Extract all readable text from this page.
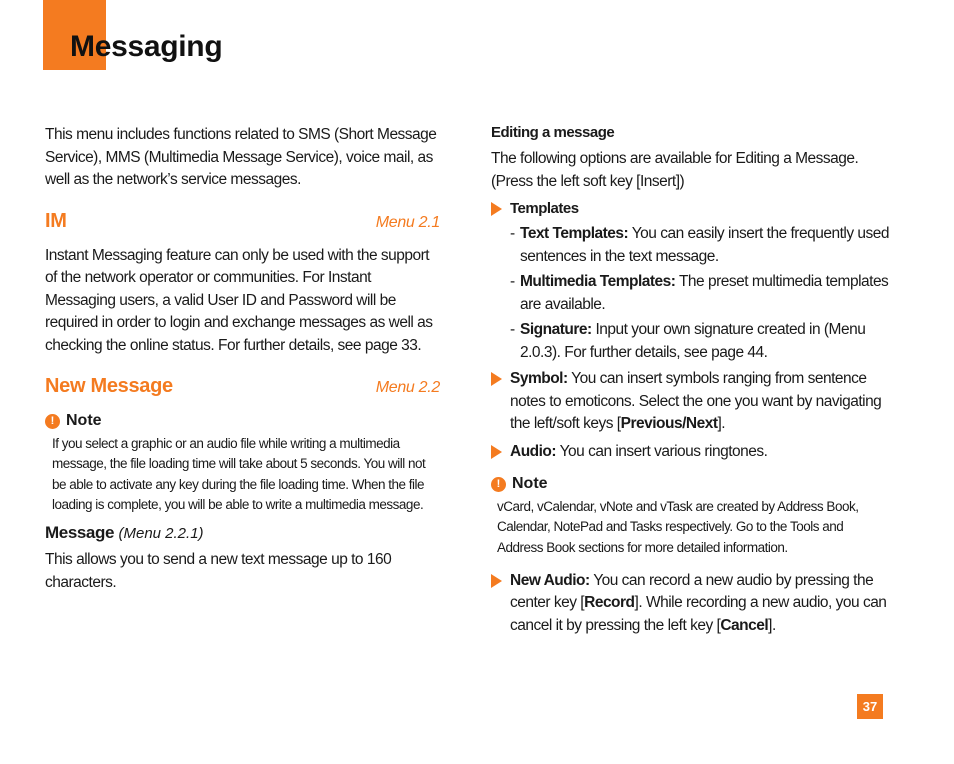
Messaging

This menu includes functions related to SMS (Short Message Service), MMS (Multimedia Message Service), voice mail, as well as the network’s service messages.

IM	Menu 2.1

Instant Messaging feature can only be used with the support of the network operator or communities. For Instant Messaging users, a valid User ID and Password will be required in order to login and exchange messages as well as checking the online status. For further details, see page 33.

New Message	Menu 2.2
! Note

If you select a graphic or an audio file while writing a multimedia message, the file loading time will take about 5 seconds. You will not be able to activate any key during the file loading time. When the file loading is complete, you will be able to write a multimedia message.

Message (Menu 2.2.1)

This allows you to send a new text message up to 160 characters.

Editing a message

The following options are available for Editing a Message. (Press the left soft key [Insert])

Templates
- Text Templates: You can easily insert the frequently used sentences in the text message.

- Multimedia Templates: The preset multimedia templates are available.

- Signature: Input your own signature created in (Menu 2.0.3). For further details, see page 44.

Symbol: You can insert symbols ranging from sentence notes to emoticons. Select the one you want by navigating the left/soft keys [Previous/Next].

Audio: You can insert various ringtones.

! Note

vCard, vCalendar, vNote and vTask are created by Address Book, Calendar, NotePad and Tasks respectively. Go to the Tools and Address Book sections for more detailed information.

New Audio: You can record a new audio by pressing the center key [Record]. While recording a new audio, you can cancel it by pressing the left key [Cancel].

37
